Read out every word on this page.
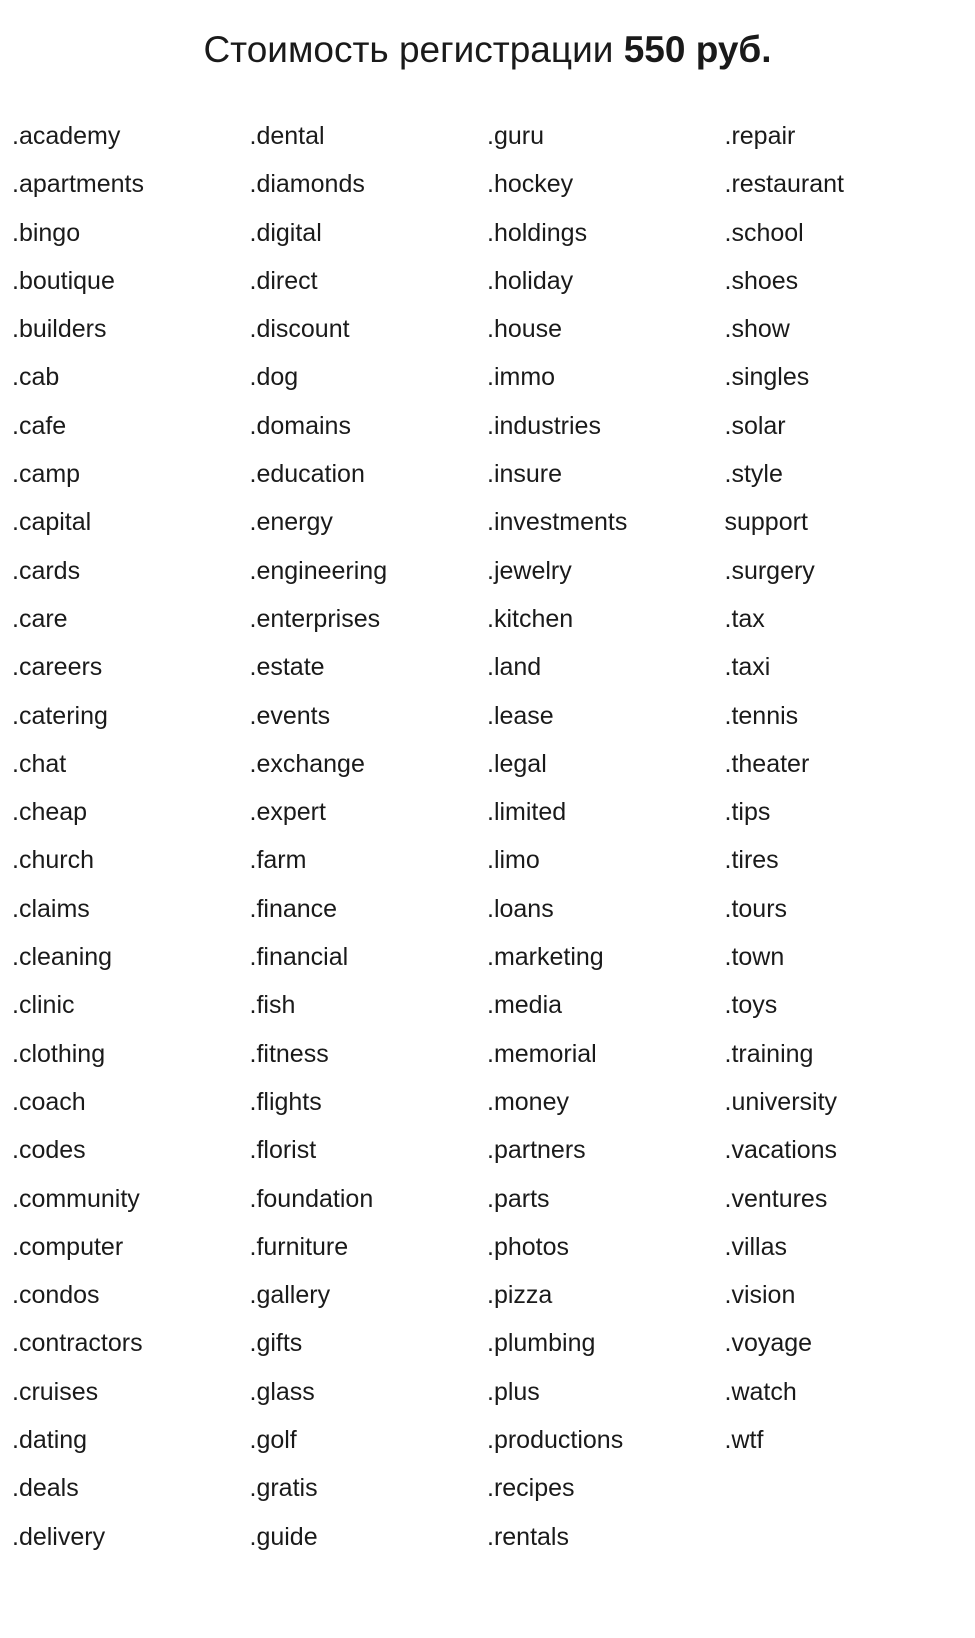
Стоимость регистрации 550 руб.
.academy
.apartments
.bingo
.boutique
.builders
.cab
.cafe
.camp
.capital
.cards
.care
.careers
.catering
.chat
.cheap
.church
.claims
.cleaning
.clinic
.clothing
.coach
.codes
.community
.computer
.condos
.contractors
.cruises
.dating
.deals
.delivery
.dental
.diamonds
.digital
.direct
.discount
.dog
.domains
.education
.energy
.engineering
.enterprises
.estate
.events
.exchange
.expert
.farm
.finance
.financial
.fish
.fitness
.flights
.florist
.foundation
.furniture
.gallery
.gifts
.glass
.golf
.gratis
.guide
.guru
.hockey
.holdings
.holiday
.house
.immo
.industries
.insure
.investments
.jewelry
.kitchen
.land
.lease
.legal
.limited
.limo
.loans
.marketing
.media
.memorial
.money
.partners
.parts
.photos
.pizza
.plumbing
.plus
.productions
.recipes
.rentals
.repair
.restaurant
.school
.shoes
.show
.singles
.solar
.style
support
.surgery
.tax
.taxi
.tennis
.theater
.tips
.tires
.tours
.town
.toys
.training
.university
.vacations
.ventures
.villas
.vision
.voyage
.watch
.wtf
